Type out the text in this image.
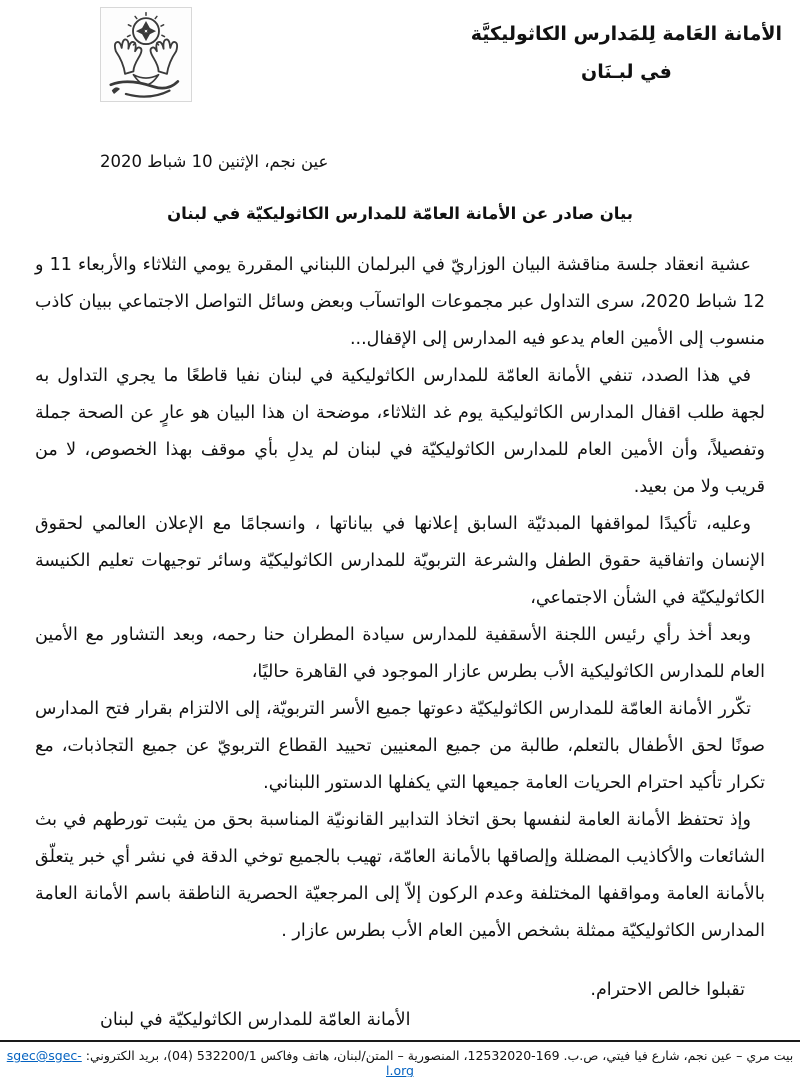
الأمانة العَامة لِلمَدارس الكاثوليكيَّة
في لبـنَان
عين نجم، الإثنين 10 شباط 2020
بيان صادر عن الأمانة العامّة للمدارس الكاثوليكيّة في لبنان

عشية انعقاد جلسة مناقشة البيان الوزاريّ في البرلمان اللبناني المقررة يومي الثلاثاء والأربعاء 11 و 12 شباط 2020، سرى التداول عبر مجموعات الواتسآب وبعض وسائل التواصل الاجتماعي ببيان كاذب منسوب إلى الأمين العام يدعو فيه المدارس إلى الإقفال...

في هذا الصدد، تنفي الأمانة العامّة للمدارس الكاثوليكية في لبنان نفيا قاطعًا ما يجري التداول به لجهة طلب اقفال المدارس الكاثوليكية يوم غد الثلاثاء، موضحة ان هذا البيان هو عارٍ عن الصحة جملة وتفصيلاً، وأن الأمين العام للمدارس الكاثوليكيّة في لبنان لم يدلِ بأي موقف بهذا الخصوص، لا من قريب ولا من بعيد.

وعليه، تأكيدًا لمواقفها المبدئيّة السابق إعلانها في بياناتها ، وانسجامًا مع الإعلان العالمي لحقوق الإنسان واتفاقية حقوق الطفل والشرعة التربويّة للمدارس الكاثوليكيّة وسائر توجيهات تعليم الكنيسة الكاثوليكيّة في الشأن الاجتماعي،

وبعد أخذ رأي رئيس اللجنة الأسقفية للمدارس سيادة المطران حنا رحمه، وبعد التشاور مع الأمين العام للمدارس الكاثوليكية الأب بطرس عازار الموجود في القاهرة حاليًا،

تكّرر الأمانة العامّة للمدارس الكاثوليكيّة دعوتها جميع الأسر التربويّة، إلى الالتزام بقرار فتح المدارس صونًا لحق الأطفال بالتعلم، طالبة من جميع المعنيين تحييد القطاع التربويّ عن جميع التجاذبات، مع تكرار تأكيد احترام الحريات العامة جميعها التي يكفلها الدستور اللبناني.

وإذ تحتفظ الأمانة العامة لنفسها بحق اتخاذ التدابير القانونيّة المناسبة بحق من يثبت تورطهم في بث الشائعات والأكاذيب المضللة وإلصاقها بالأمانة العامّة، تهيب بالجميع توخي الدقة في نشر أي خبر يتعلّق بالأمانة العامة ومواقفها المختلفة وعدم الركون إلاّ إلى المرجعيّة الحصرية الناطقة باسم الأمانة العامة المدارس الكاثوليكيّة ممثلة بشخص الأمين العام الأب بطرس عازار .

تقبلوا خالص الاحترام.
الأمانة العامّة للمدارس الكاثوليكيّة في لبنان
بيت مري – عين نجم، شارع فيا فيتي، ص.ب. 169-12532020، المنصورية – المتن/لبنان، هاتف وفاكس 532200/1 (04)، بريد الكتروني: sgec@sgec-l.org
